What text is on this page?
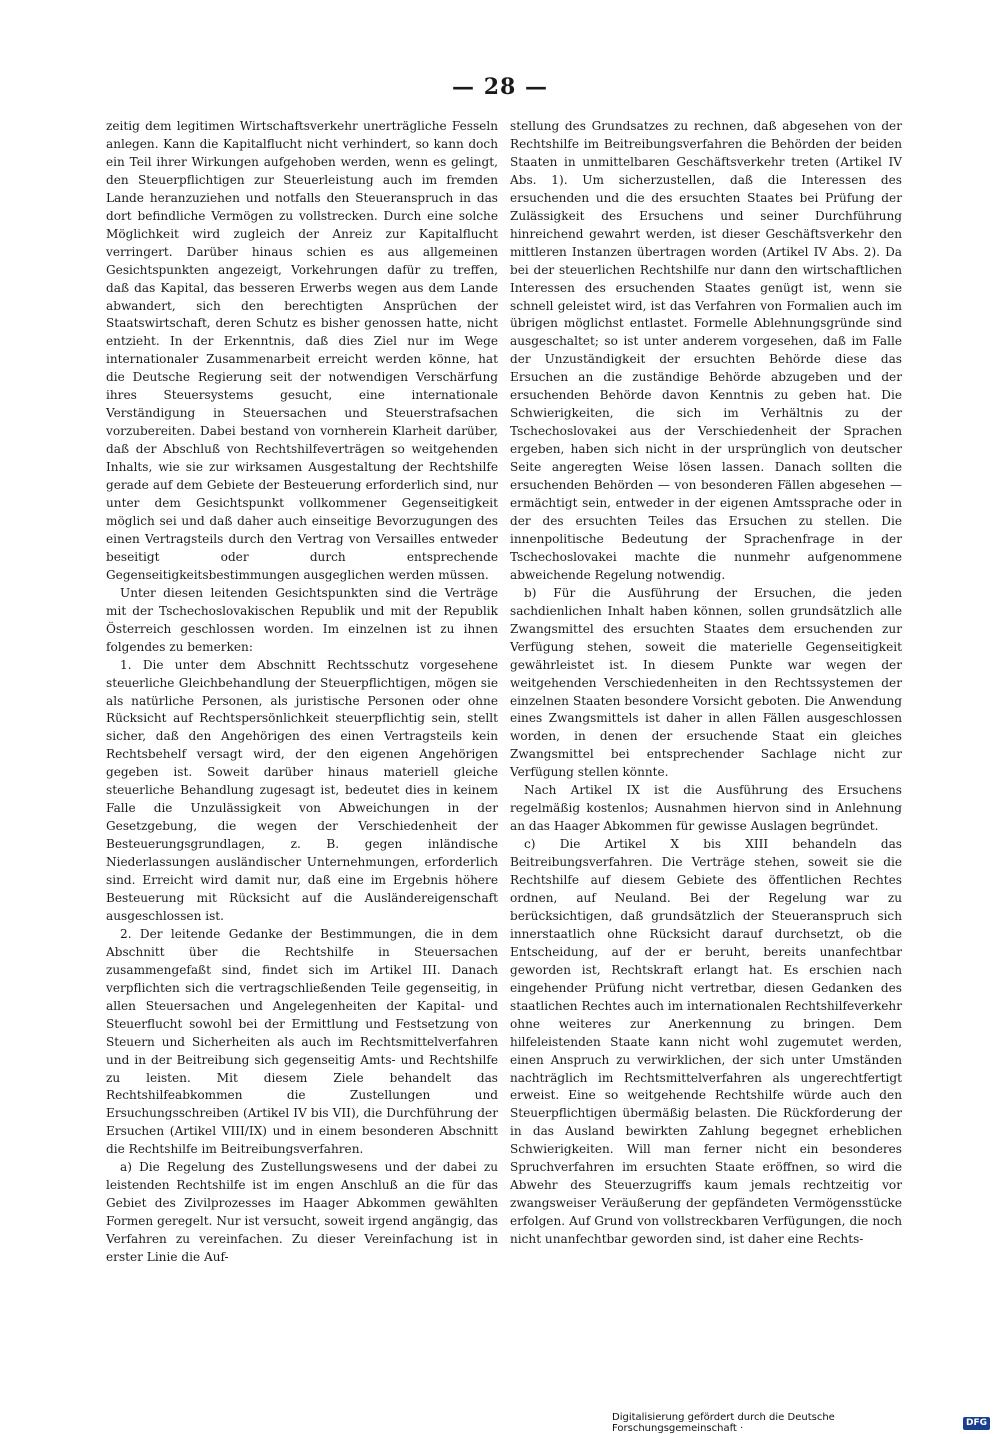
— 28 —

zeitig dem legitimen Wirtschaftsverkehr unerträgliche Fesseln anlegen. Kann die Kapitalflucht nicht verhindert, so kann doch ein Teil ihrer Wirkungen aufgehoben werden, wenn es gelingt, den Steuerpflichtigen zur Steuerleistung auch im fremden Lande heranzuziehen und notfalls den Steueranspruch in das dort befindliche Vermögen zu vollstrecken. Durch eine solche Möglichkeit wird zugleich der Anreiz zur Kapitalflucht verringert. Darüber hinaus schien es aus allgemeinen Gesichtspunkten angezeigt, Vorkehrungen dafür zu treffen, daß das Kapital, das besseren Erwerbs wegen aus dem Lande abwandert, sich den berechtigten Ansprüchen der Staatswirtschaft, deren Schutz es bisher genossen hatte, nicht entzieht. In der Erkenntnis, daß dies Ziel nur im Wege internationaler Zusammenarbeit erreicht werden könne, hat die Deutsche Regierung seit der notwendigen Verschärfung ihres Steuersystems gesucht, eine internationale Verständigung in Steuersachen und Steuerstrafsachen vorzubereiten. Dabei bestand von vornherein Klarheit darüber, daß der Abschluß von Rechtshilfeverträgen so weitgehenden Inhalts, wie sie zur wirksamen Ausgestaltung der Rechtshilfe gerade auf dem Gebiete der Besteuerung erforderlich sind, nur unter dem Gesichtspunkt vollkommener Gegenseitigkeit möglich sei und daß daher auch einseitige Bevorzugungen des einen Vertragsteils durch den Vertrag von Versailles entweder beseitigt oder durch entsprechende Gegenseitigkeitsbestimmungen ausgeglichen werden müssen.

Unter diesen leitenden Gesichtspunkten sind die Verträge mit der Tschechoslovakischen Republik und mit der Republik Österreich geschlossen worden. Im einzelnen ist zu ihnen folgendes zu bemerken:

1. Die unter dem Abschnitt Rechtsschutz vorgesehene steuerliche Gleichbehandlung der Steuerpflichtigen, mögen sie als natürliche Personen, als juristische Personen oder ohne Rücksicht auf Rechtspersönlichkeit steuerpflichtig sein, stellt sicher, daß den Angehörigen des einen Vertragsteils kein Rechtsbehelf versagt wird, der den eigenen Angehörigen gegeben ist. Soweit darüber hinaus materiell gleiche steuerliche Behandlung zugesagt ist, bedeutet dies in keinem Falle die Unzulässigkeit von Abweichungen in der Gesetzgebung, die wegen der Verschiedenheit der Besteuerungsgrundlagen, z. B. gegen inländische Niederlassungen ausländischer Unternehmungen, erforderlich sind. Erreicht wird damit nur, daß eine im Ergebnis höhere Besteuerung mit Rücksicht auf die Ausländereigenschaft ausgeschlossen ist.

2. Der leitende Gedanke der Bestimmungen, die in dem Abschnitt über die Rechtshilfe in Steuersachen zusammengefaßt sind, findet sich im Artikel III. Danach verpflichten sich die vertragschließenden Teile gegenseitig, in allen Steuersachen und Angelegenheiten der Kapital- und Steuerflucht sowohl bei der Ermittlung und Festsetzung von Steuern und Sicherheiten als auch im Rechtsmittelverfahren und in der Beitreibung sich gegenseitig Amts- und Rechtshilfe zu leisten. Mit diesem Ziele behandelt das Rechtshilfeabkommen die Zustellungen und Ersuchungsschreiben (Artikel IV bis VII), die Durchführung der Ersuchen (Artikel VIII/IX) und in einem besonderen Abschnitt die Rechtshilfe im Beitreibungsverfahren.

a) Die Regelung des Zustellungswesens und der dabei zu leistenden Rechtshilfe ist im engen Anschluß an die für das Gebiet des Zivilprozesses im Haager Abkommen gewählten Formen geregelt. Nur ist versucht, soweit irgend angängig, das Verfahren zu vereinfachen. Zu dieser Vereinfachung ist in erster Linie die Auf-

stellung des Grundsatzes zu rechnen, daß abgesehen von der Rechtshilfe im Beitreibungsverfahren die Behörden der beiden Staaten in unmittelbaren Geschäftsverkehr treten (Artikel IV Abs. 1). Um sicherzustellen, daß die Interessen des ersuchenden und die des ersuchten Staates bei Prüfung der Zulässigkeit des Ersuchens und seiner Durchführung hinreichend gewahrt werden, ist dieser Geschäftsverkehr den mittleren Instanzen übertragen worden (Artikel IV Abs. 2). Da bei der steuerlichen Rechtshilfe nur dann den wirtschaftlichen Interessen des ersuchenden Staates genügt ist, wenn sie schnell geleistet wird, ist das Verfahren von Formalien auch im übrigen möglichst entlastet. Formelle Ablehnungsgründe sind ausgeschaltet; so ist unter anderem vorgesehen, daß im Falle der Unzuständigkeit der ersuchten Behörde diese das Ersuchen an die zuständige Behörde abzugeben und der ersuchenden Behörde davon Kenntnis zu geben hat. Die Schwierigkeiten, die sich im Verhältnis zu der Tschechoslovakei aus der Verschiedenheit der Sprachen ergeben, haben sich nicht in der ursprünglich von deutscher Seite angeregten Weise lösen lassen. Danach sollten die ersuchenden Behörden — von besonderen Fällen abgesehen — ermächtigt sein, entweder in der eigenen Amtssprache oder in der des ersuchten Teiles das Ersuchen zu stellen. Die innenpolitische Bedeutung der Sprachenfrage in der Tschechoslovakei machte die nunmehr aufgenommene abweichende Regelung notwendig.

b) Für die Ausführung der Ersuchen, die jeden sachdienlichen Inhalt haben können, sollen grundsätzlich alle Zwangsmittel des ersuchten Staates dem ersuchenden zur Verfügung stehen, soweit die materielle Gegenseitigkeit gewährleistet ist. In diesem Punkte war wegen der weitgehenden Verschiedenheiten in den Rechtssystemen der einzelnen Staaten besondere Vorsicht geboten. Die Anwendung eines Zwangsmittels ist daher in allen Fällen ausgeschlossen worden, in denen der ersuchende Staat ein gleiches Zwangsmittel bei entsprechender Sachlage nicht zur Verfügung stellen könnte.

Nach Artikel IX ist die Ausführung des Ersuchens regelmäßig kostenlos; Ausnahmen hiervon sind in Anlehnung an das Haager Abkommen für gewisse Auslagen begründet.

c) Die Artikel X bis XIII behandeln das Beitreibungsverfahren. Die Verträge stehen, soweit sie die Rechtshilfe auf diesem Gebiete des öffentlichen Rechtes ordnen, auf Neuland. Bei der Regelung war zu berücksichtigen, daß grundsätzlich der Steueranspruch sich innerstaatlich ohne Rücksicht darauf durchsetzt, ob die Entscheidung, auf der er beruht, bereits unanfechtbar geworden ist, Rechtskraft erlangt hat. Es erschien nach eingehender Prüfung nicht vertretbar, diesen Gedanken des staatlichen Rechtes auch im internationalen Rechtshilfeverkehr ohne weiteres zur Anerkennung zu bringen. Dem hilfeleistenden Staate kann nicht wohl zugemutet werden, einen Anspruch zu verwirklichen, der sich unter Umständen nachträglich im Rechtsmittelverfahren als ungerechtfertigt erweist. Eine so weitgehende Rechtshilfe würde auch den Steuerpflichtigen übermäßig belasten. Die Rückforderung der in das Ausland bewirkten Zahlung begegnet erheblichen Schwierigkeiten. Will man ferner nicht ein besonderes Spruchverfahren im ersuchten Staate eröffnen, so wird die Abwehr des Steuerzugriffs kaum jemals rechtzeitig vor zwangsweiser Veräußerung der gepfändeten Vermögensstücke erfolgen. Auf Grund von vollstreckbaren Verfügungen, die noch nicht unanfechtbar geworden sind, ist daher eine Rechts-

Digitalisierung gefördert durch die Deutsche Forschungsgemeinschaft ·	DFG
